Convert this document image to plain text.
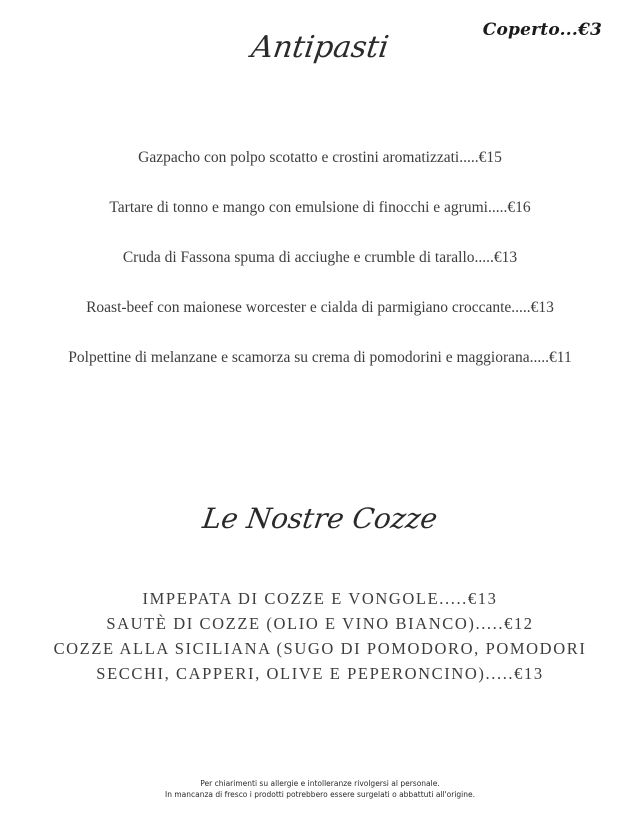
Coperto...€3
Antipasti
Gazpacho con polpo scotatto e crostini aromatizzati.....€15
Tartare di tonno e mango con emulsione di finocchi e agrumi.....€16
Cruda di Fassona spuma di acciughe e crumble di tarallo.....€13
Roast-beef con maionese worcester e cialda di parmigiano croccante.....€13
Polpettine di melanzane e scamorza su crema di pomodorini e maggiorana.....€11
Le Nostre Cozze
IMPEPATA DI COZZE E VONGOLE.....€13
SAUTÈ DI COZZE (OLIO E VINO BIANCO).....€12
COZZE ALLA SICILIANA (SUGO DI POMODORO, POMODORI SECCHI, CAPPERI, OLIVE E PEPERONCINO).....€13
Per chiarimenti su allergie e intolleranze rivolgersi al personale.
In mancanza di fresco i prodotti potrebbero essere surgelati o abbattuti all'origine.
